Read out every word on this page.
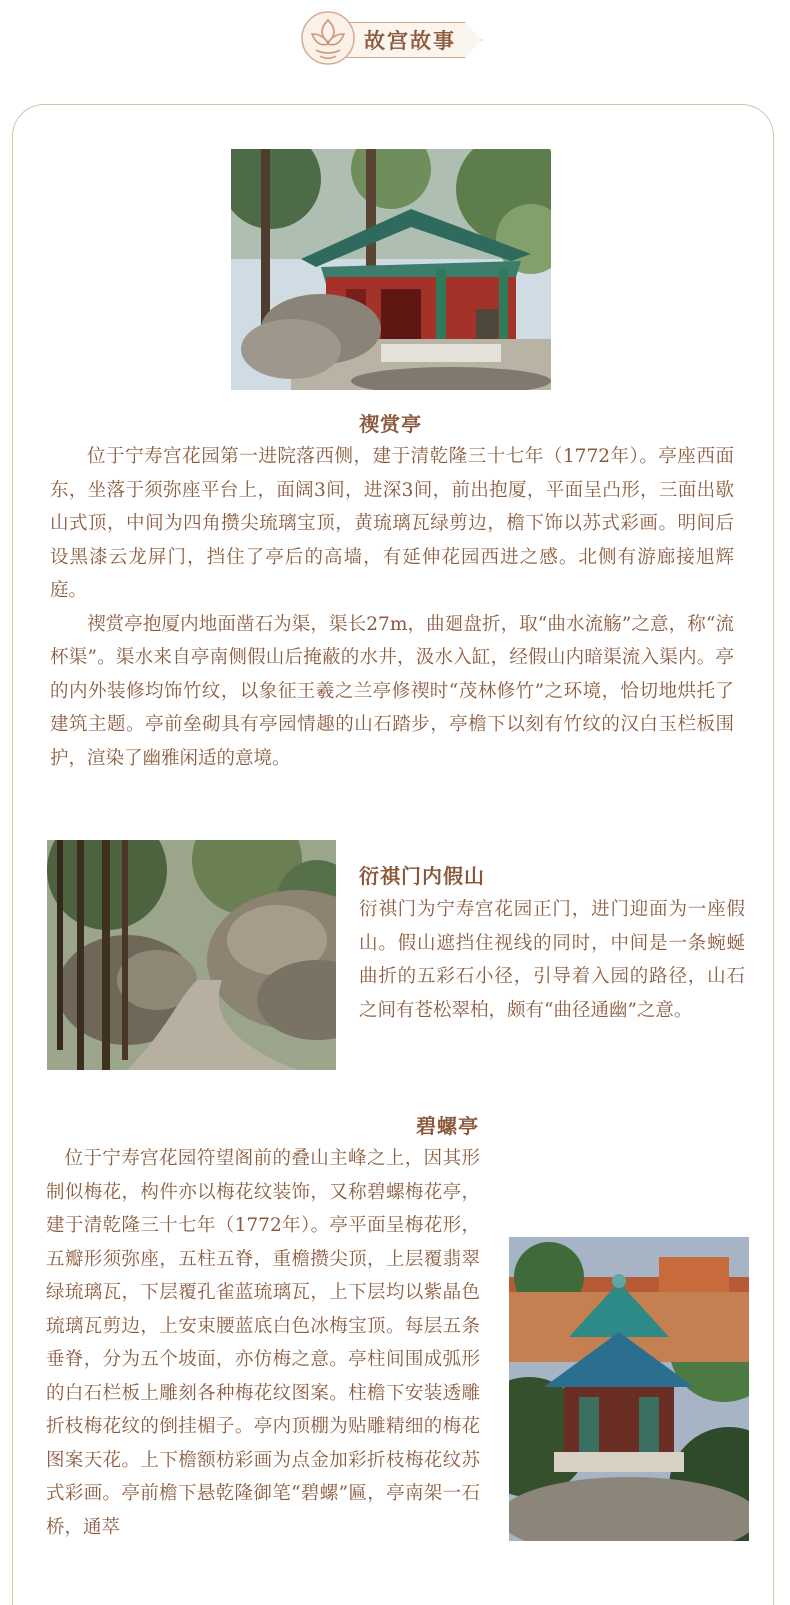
故宫故事
禊赏亭

位于宁寿宫花园第一进院落西侧，建于清乾隆三十七年（1772年）。亭座西面东，坐落于须弥座平台上，面阔3间，进深3间，前出抱厦，平面呈凸形，三面出歇山式顶，中间为四角攒尖琉璃宝顶，黄琉璃瓦绿剪边，檐下饰以苏式彩画。明间后设黑漆云龙屏门，挡住了亭后的高墙，有延伸花园西进之感。北侧有游廊接旭辉庭。

禊赏亭抱厦内地面凿石为渠，渠长27m，曲廻盘折，取“曲水流觞”之意，称“流杯渠”。渠水来自亭南侧假山后掩蔽的水井，汲水入缸，经假山内暗渠流入渠内。亭的内外装修均饰竹纹，以象征王羲之兰亭修禊时“茂林修竹”之环境，恰切地烘托了建筑主题。亭前垒砌具有亭园情趣的山石踏步，亭檐下以刻有竹纹的汉白玉栏板围护，渲染了幽雅闲适的意境。

衍祺门内假山

衍祺门为宁寿宫花园正门，进门迎面为一座假山。假山遮挡住视线的同时，中间是一条蜿蜒曲折的五彩石小径，引导着入园的路径，山石之间有苍松翠柏，颇有“曲径通幽”之意。

碧螺亭

位于宁寿宫花园符望阁前的叠山主峰之上，因其形制似梅花，构件亦以梅花纹装饰，又称碧螺梅花亭，建于清乾隆三十七年（1772年）。亭平面呈梅花形，五瓣形须弥座，五柱五脊，重檐攒尖顶，上层覆翡翠绿琉璃瓦，下层覆孔雀蓝琉璃瓦，上下层均以紫晶色琉璃瓦剪边，上安束腰蓝底白色冰梅宝顶。每层五条垂脊，分为五个坡面，亦仿梅之意。亭柱间围成弧形的白石栏板上雕刻各种梅花纹图案。柱檐下安装透雕折枝梅花纹的倒挂楣子。亭内顶棚为贴雕精细的梅花图案天花。上下檐额枋彩画为点金加彩折枝梅花纹苏式彩画。亭前檐下悬乾隆御笔“碧螺”匾，亭南架一石桥，通萃
